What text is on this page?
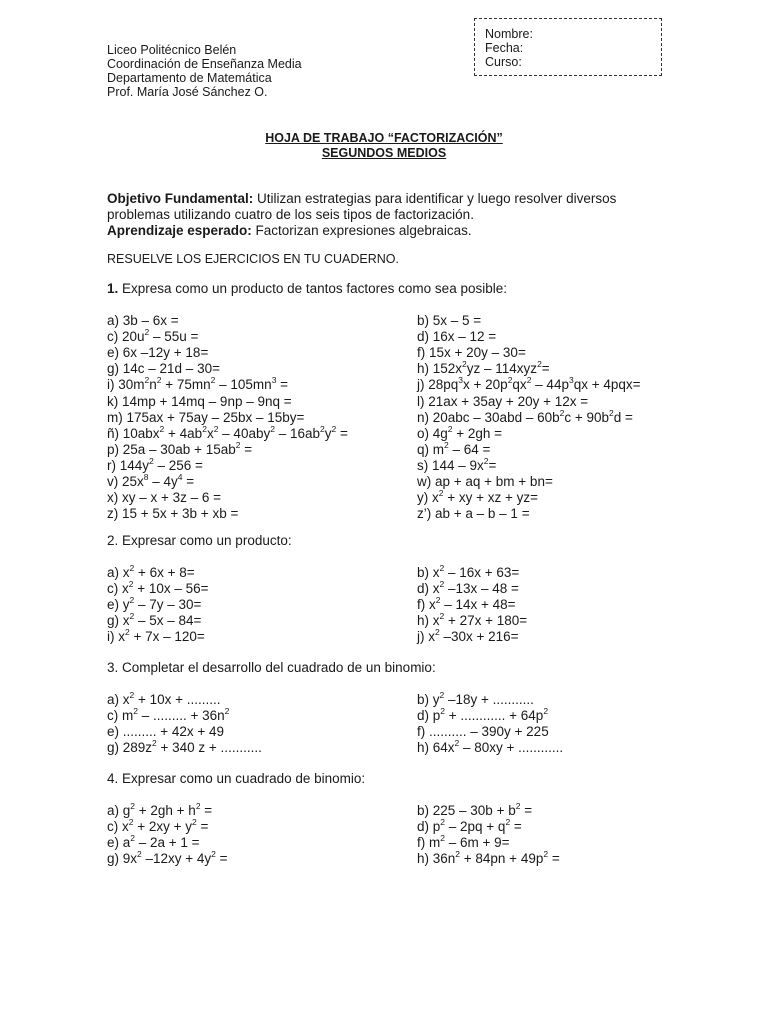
Nombre:
Fecha:
Curso:
Liceo Politécnico Belén
Coordinación de Enseñanza Media
Departamento de Matemática
Prof. María José Sánchez O.
HOJA DE TRABAJO “FACTORIZACIÓN”
SEGUNDOS MEDIOS
Objetivo Fundamental: Utilizan estrategias para identificar y luego resolver diversos
problemas utilizando cuatro de los seis tipos de factorización.
Aprendizaje esperado: Factorizan expresiones algebraicas.
RESUELVE LOS EJERCICIOS EN TU CUADERNO.
1. Expresa como un producto de tantos factores como sea posible:
2. Expresar como un producto:
3. Completar el desarrollo del cuadrado de un binomio:
4. Expresar como un cuadrado de binomio:
a) 3b – 6x =	b) 5x – 5 =
c) $20u^2 - 55u$ =	d) 16x – 12 =
e) 6x –12y + 18=	f) 15x + 20y – 30=
g) 14c – 21d – 30=	h) $152x^2yz - 114xyz^2=$
i) $30m^2n^2 + 75mn^2 - 105mn^3$ =	j) $28pq^3x + 20p^2qx^2 - 44p^3qx + 4pqx=$
k) 14mp + 14mq – 9np – 9nq =	l) 21ax + 35ay + 20y + 12x =
m) 175ax + 75ay – 25bx – 15by=	n) $20abc - 30abd - 60b^2c + 90b^2d$ =
ñ) $10abx^2 + 4ab^2x^2 - 40aby^2 - 16ab^2y^2$ =	o) $4g^2 + 2gh$ =
p) $25a - 30ab + 15ab^2$ =	q) $m^2 - 64$ =
r) $144y^2 - 256$ =	s) $144 - 9x^2=$
v) $25x^8 - 4y^4$ =	w) ap + aq + bm + bn=
x) xy – x + 3z – 6 =	y) $x^2$ + xy + xz + yz=
z) 15 + 5x + 3b + xb =	z’) ab + a – b – 1 =
a) $x^2 + 6x + 8=$	b) $x^2 - 16x + 63=$
c) $x^2 + 10x - 56=$	d) $x^2$ –13x – 48 =
e) $y^2 - 7y - 30=$	f) $x^2 - 14x + 48=$
g) $x^2 - 5x - 84=$	h) $x^2 + 27x + 180=$
i) $x^2 + 7x - 120=$	j) $x^2$ –30x + 216=
a) $x^2 + 10x$ + .........	b) $y^2$ –18y + ...........
c) $m^2$ – ......... + $36n^2$	d) $p^2$ + ............ + $64p^2$
e) ......... + 42x + 49	f) .......... – 390y + 225
g) $289z^2 + 340$ z + ...........	h) $64x^2 - 80xy$ + ............
a) $g^2 + 2gh + h^2$ =	b) $225 - 30b + b^2$ =
c) $x^2 + 2xy + y^2$ =	d) $p^2 - 2pq + q^2$ =
e) $a^2 - 2a + 1$ =	f) $m^2 - 6m + 9=$
g) $9x^2$ $-12xy + 4y^2$ =	h) $36n^2 + 84pn + 49p^2$ =
